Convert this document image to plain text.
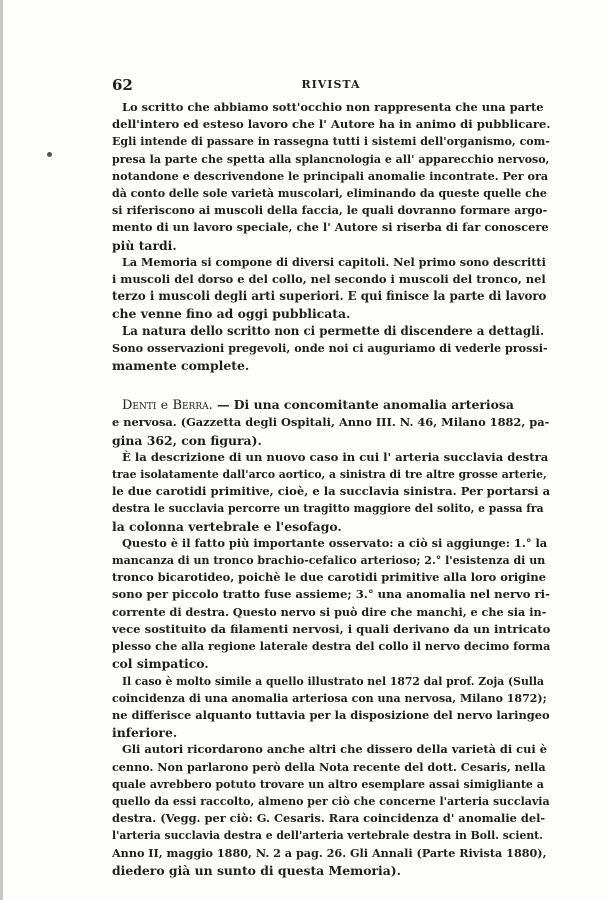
62	RIVISTA
Lo scritto che abbiamo sott'occhio non rappresenta che una parte
dell'intero ed esteso lavoro che l' Autore ha in animo di pubblicare.
Egli intende di passare in rassegna tutti i sistemi dell'organismo, com-
presa la parte che spetta alla splancnologia e all' apparecchio nervoso,
notandone e descrivendone le principali anomalie incontrate. Per ora
dà conto delle sole varietà muscolari, eliminando da queste quelle che
si riferiscono ai muscoli della faccia, le quali dovranno formare argo-
mento di un lavoro speciale, che l' Autore si riserba di far conoscere
più tardi.
La Memoria si compone di diversi capitoli. Nel primo sono descritti
i muscoli del dorso e del collo, nel secondo i muscoli del tronco, nel
terzo i muscoli degli arti superiori. E qui finisce la parte di lavoro
che venne fino ad oggi pubblicata.
La natura dello scritto non ci permette di discendere a dettagli.
Sono osservazioni pregevoli, onde noi ci auguriamo di vederle prossi-
mamente complete.
Denti e Berra. — Di una concomitante anomalia arteriosa
e nervosa. (Gazzetta degli Ospitali, Anno III. N. 46, Milano 1882, pa-
gina 362, con figura).
È la descrizione di un nuovo caso in cui l' arteria succlavia destra
trae isolatamente dall'arco aortico, a sinistra di tre altre grosse arterie,
le due carotidi primitive, cioè, e la succlavia sinistra. Per portarsi a
destra le succlavia percorre un tragitto maggiore del solito, e passa fra
la colonna vertebrale e l'esofago.
Questo è il fatto più importante osservato: a ciò si aggiunge: 1.° la
mancanza di un tronco brachio-cefalico arterioso; 2.° l'esistenza di un
tronco bicarotideo, poichè le due carotidi primitive alla loro origine
sono per piccolo tratto fuse assieme; 3.° una anomalia nel nervo ri-
corrente di destra. Questo nervo si può dire che manchi, e che sia in-
vece sostituito da filamenti nervosi, i quali derivano da un intricato
plesso che alla regione laterale destra del collo il nervo decimo forma
col simpatico.
Il caso è molto simile a quello illustrato nel 1872 dal prof. Zoja (Sulla
coincidenza di una anomalia arteriosa con una nervosa, Milano 1872);
ne differisce alquanto tuttavia per la disposizione del nervo laringeo
inferiore.
Gli autori ricordarono anche altri che dissero della varietà di cui è
cenno. Non parlarono però della Nota recente del dott. Cesaris, nella
quale avrebbero potuto trovare un altro esemplare assai simigliante a
quello da essi raccolto, almeno per ciò che concerne l'arteria succlavia
destra. (Vegg. per ciò: G. Cesaris. Rara coincidenza d' anomalie del-
l'arteria succlavia destra e dell'arteria vertebrale destra in Boll. scient.
Anno II, maggio 1880, N. 2 a pag. 26. Gli Annali (Parte Rivista 1880),
diedero già un sunto di questa Memoria).
